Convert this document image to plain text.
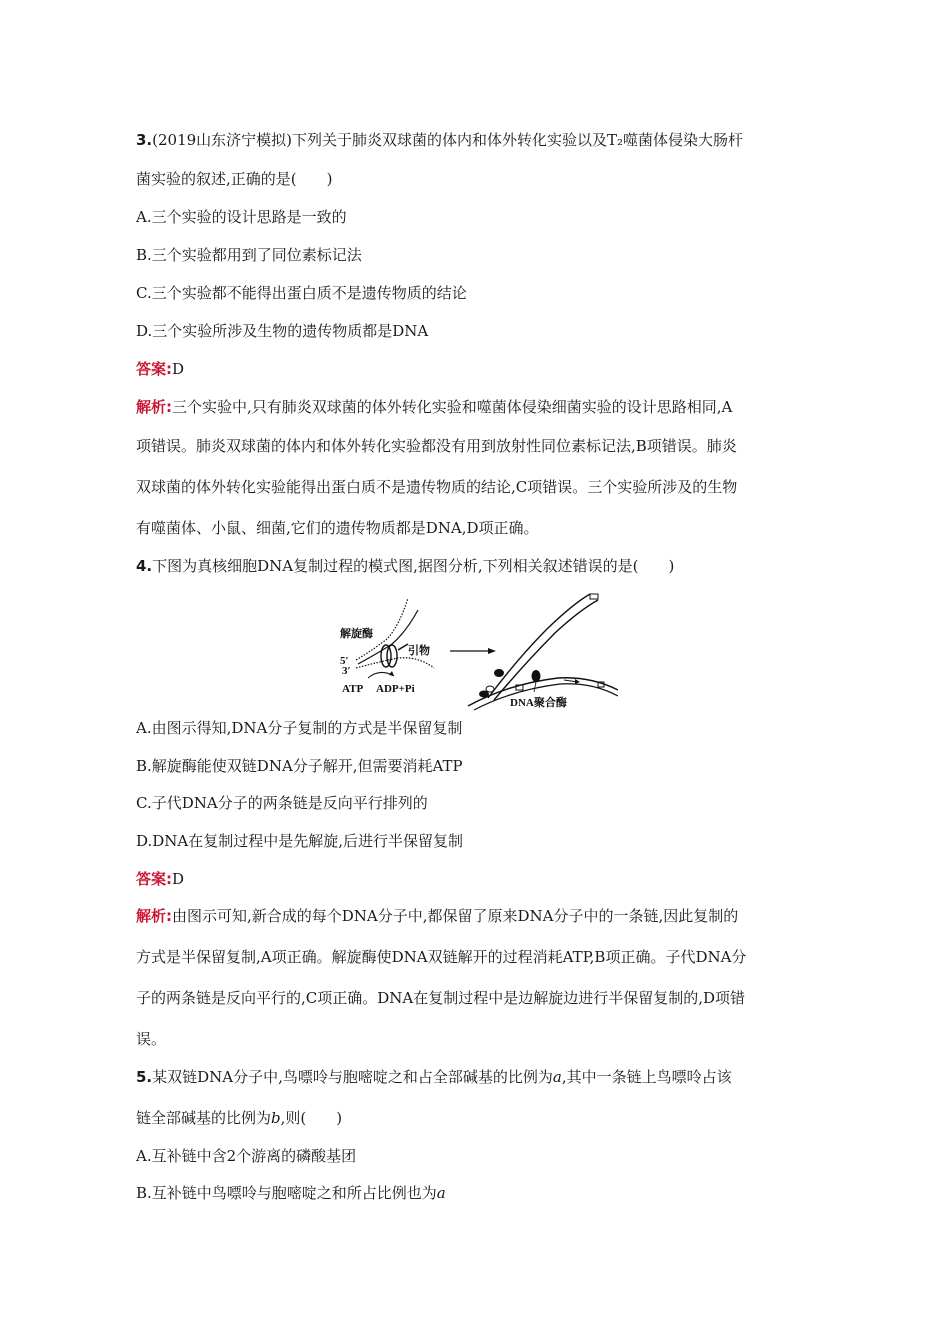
3.(2019山东济宁模拟)下列关于肺炎双球菌的体内和体外转化实验以及T₂噬菌体侵染大肠杆
菌实验的叙述,正确的是(　　)
A.三个实验的设计思路是一致的
B.三个实验都用到了同位素标记法
C.三个实验都不能得出蛋白质不是遗传物质的结论
D.三个实验所涉及生物的遗传物质都是DNA
答案:D
解析:三个实验中,只有肺炎双球菌的体外转化实验和噬菌体侵染细菌实验的设计思路相同,A
项错误。肺炎双球菌的体内和体外转化实验都没有用到放射性同位素标记法,B项错误。肺炎
双球菌的体外转化实验能得出蛋白质不是遗传物质的结论,C项错误。三个实验所涉及的生物
有噬菌体、小鼠、细菌,它们的遗传物质都是DNA,D项正确。
4.下图为真核细胞DNA复制过程的模式图,据图分析,下列相关叙述错误的是(　　)
解旋酶
引物
5′
3′
ATP ADP+Pi
DNA聚合酶
A.由图示得知,DNA分子复制的方式是半保留复制
B.解旋酶能使双链DNA分子解开,但需要消耗ATP
C.子代DNA分子的两条链是反向平行排列的
D.DNA在复制过程中是先解旋,后进行半保留复制
答案:D
解析:由图示可知,新合成的每个DNA分子中,都保留了原来DNA分子中的一条链,因此复制的
方式是半保留复制,A项正确。解旋酶使DNA双链解开的过程消耗ATP,B项正确。子代DNA分
子的两条链是反向平行的,C项正确。DNA在复制过程中是边解旋边进行半保留复制的,D项错
误。
5.某双链DNA分子中,鸟嘌呤与胞嘧啶之和占全部碱基的比例为a,其中一条链上鸟嘌呤占该
链全部碱基的比例为b,则(　　)
A.互补链中含2个游离的磷酸基团
B.互补链中鸟嘌呤与胞嘧啶之和所占比例也为a
